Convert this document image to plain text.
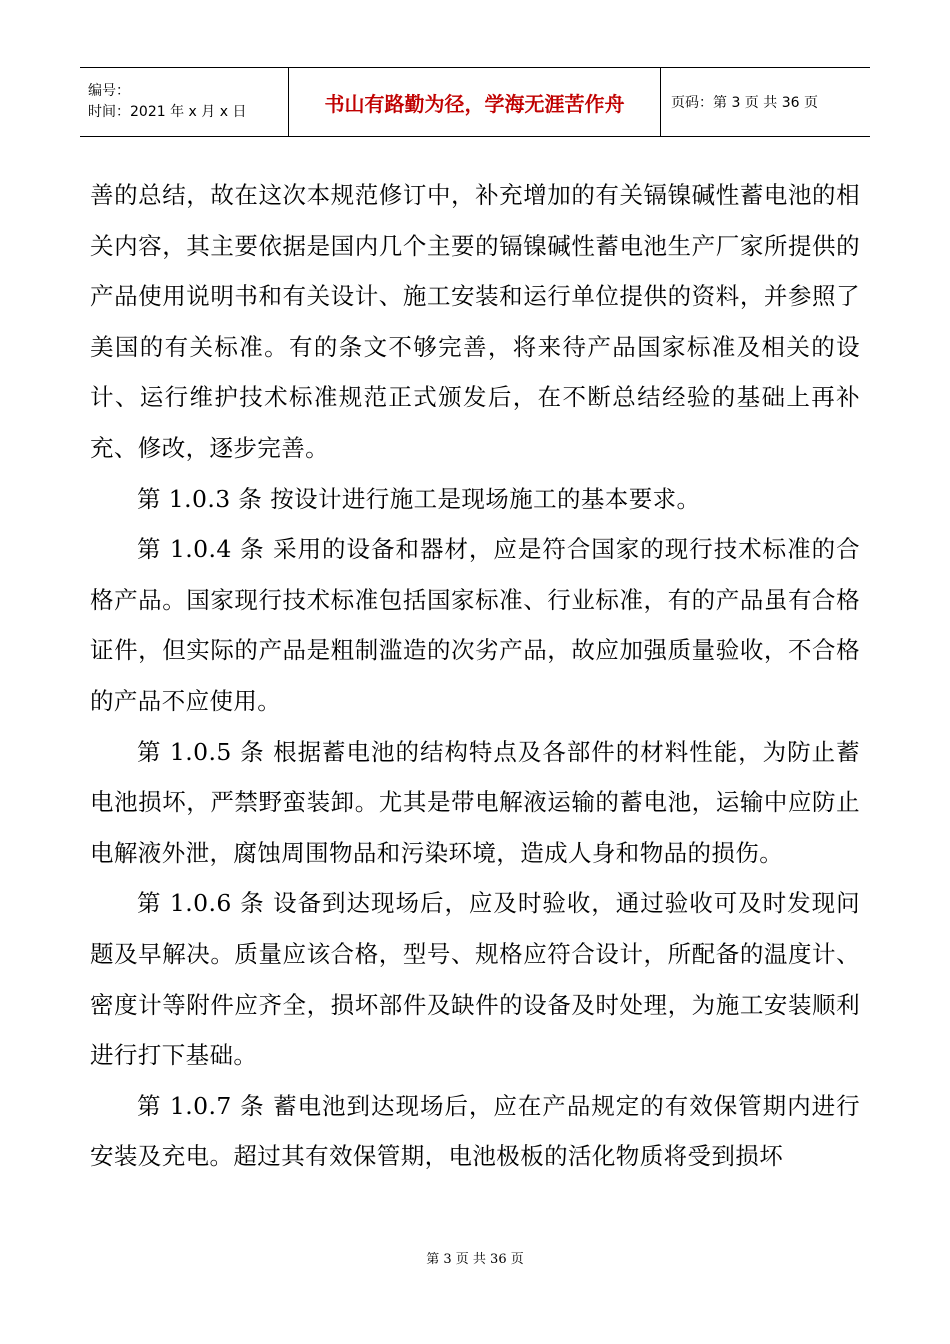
编号：
时间：2021 年 x 月 x 日	书山有路勤为径，学海无涯苦作舟	页码：第 3 页 共 36 页

善的总结，故在这次本规范修订中，补充增加的有关镉镍碱性蓄电池的相关内容，其主要依据是国内几个主要的镉镍碱性蓄电池生产厂家所提供的产品使用说明书和有关设计、施工安装和运行单位提供的资料，并参照了美国的有关标准。有的条文不够完善，将来待产品国家标准及相关的设计、运行维护技术标准规范正式颁发后，在不断总结经验的基础上再补充、修改，逐步完善。

第 1.0.3 条 按设计进行施工是现场施工的基本要求。

第 1.0.4 条 采用的设备和器材，应是符合国家的现行技术标准的合格产品。国家现行技术标准包括国家标准、行业标准，有的产品虽有合格证件，但实际的产品是粗制滥造的次劣产品，故应加强质量验收，不合格的产品不应使用。

第 1.0.5 条 根据蓄电池的结构特点及各部件的材料性能，为防止蓄电池损坏，严禁野蛮装卸。尤其是带电解液运输的蓄电池，运输中应防止电解液外泄，腐蚀周围物品和污染环境，造成人身和物品的损伤。

第 1.0.6 条 设备到达现场后，应及时验收，通过验收可及时发现问题及早解决。质量应该合格，型号、规格应符合设计，所配备的温度计、密度计等附件应齐全，损坏部件及缺件的设备及时处理，为施工安装顺利进行打下基础。

第 1.0.7 条 蓄电池到达现场后，应在产品规定的有效保管期内进行安装及充电。超过其有效保管期，电池极板的活化物质将受到损坏

第 3 页 共 36 页
